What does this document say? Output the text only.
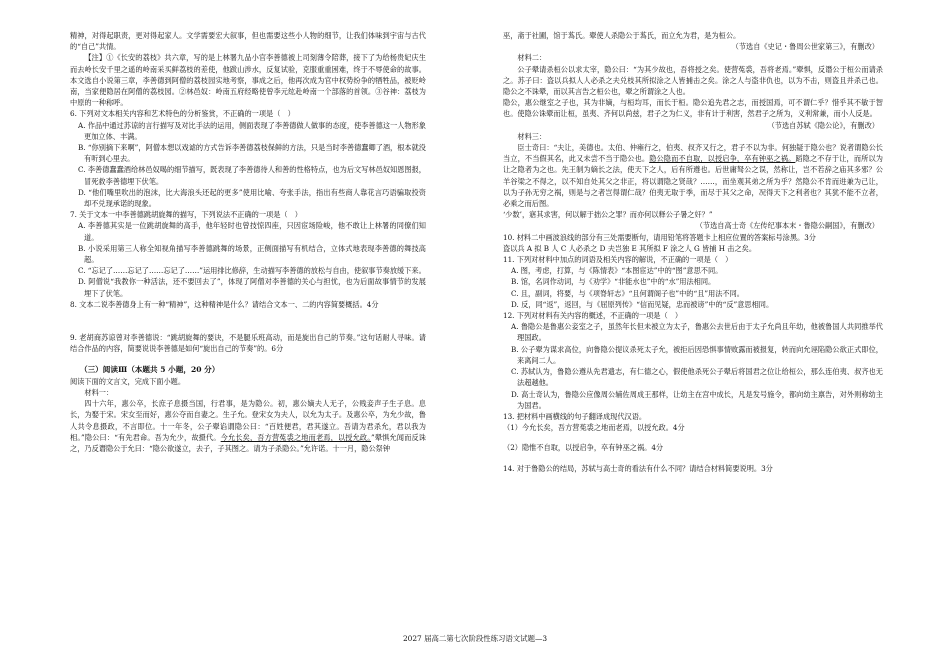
精神，对得起职责，更对得起家人。文学需要宏大叙事，但也需要这些小人物的细节，让我们体味到宇宙与古代的“自己”共情。

【注】①《长安的荔枝》共六章，写的是上林署九品小官李善德被上司刻薄令陪葬，接下了为给杨贵妃庆生而去岭长安千里之遥的岭南采买鲜荔枝的差使，他跋山涉水，反复试验，克服重重困难，终于不辱使命的故事。本文选自小说第三章，李善德到阿僧的荔枝园实地考察，事成之后，他再次成为官中权势纷争的牺牲品，被贬岭南，当家便隐居在阿僧的荔枝园。②林邑奴：岭南五府经略使曾李元纮赴岭南一个部落的首领。③谷神：荔枝为中原的一种称呼。

6. 下列对文本相关内容和艺术特色的分析鉴赏，不正确的一项是（　）

A. 作品中通过苏谅的言行描写及对比手法的运用，侧面表现了李善德做人做事的态度，使李善德这一人物形象更加立体、丰满。

B. “你别摘下来啊”，阿僧本想以戏谑的方式告诉李善德荔枝保鲜的方法，只是当时李善德蠢卿了酒，根本就没有听到心里去。

C. 李善德蠢蠢酒给林邑奴喝的细节描写，既表现了李善德待人和善的性格特点，也为后文写林邑奴知恩图报，冒死救李善德埋下伏笔。

D. “他们嘴里吹出的泡沫，比大海浪头还起的更多”使用比喻、夸张手法，指出有些商人靠花言巧语骗取投资却不兑现承诺的现象。

7. 关于文本一中李善德跳胡旋舞的描写，下列说法不正确的一项是（　）

A. 李善德其实是一位跳胡旋舞的高手，他年轻时也曾技惊四座，只因宦场险峻，他不敢让上林署的同僚们知道。

B. 小说采用第三人称全知视角描写李善德跳舞的场景，正侧面描写有机结合，立体式地表现李善德的舞技高超。

C. “忘记了……忘记了……忘记了……”运用排比修辞，生动描写李善德的放松与自由，使叙事节奏放缓下来。

D. 阿僧说“我教你一种活法，还不要回去了”，体现了阿僧对李善德的关心与担忧，也为后面故事情节的发展埋下了伏笔。

8. 文本二说李善德身上有一种“精神”，这种精神是什么？请结合文本一、二的内容简要概括。4分

9. 老胡商苏谅曾对李善德说：“跳胡旋舞的要诀，不是腿乐班高动，而是旋出自己的节奏。”这句话耐人寻味。请结合作品的内容，简要说说李善德是如何“旋出自己的节奏”的。6分

（三）阅读Ⅲ（本题共 5 小题，20 分）

阅读下面的文言文，完成下面小题。

材料一：

四十六年，惠公卒，长庶子息摄当国，行君事，是为隐公。初，惠公嫡夫人无子，公贱妾声子生子息。息长，为娶于宋。宋女至而好，惠公夺而自妻之。生子允。登宋女为夫人，以允为太子。及惠公卒，为允少故，鲁人共令息摄政，不言即位。十一年冬，公子翚谄谓隐公曰：“百姓便君，君其遂立。吾请为君杀允，君以我为相。”隐公曰：“有先君命。吾为允少，故摄代。今允长矣，吾方营菟裘之地而老焉，以授允政。”翚惧允闻而反诛之，乃反谮隐公于允曰：“隐公欲遂立，去子，子其图之。请为子杀隐公。”允许诺。十一月，隐公祭钟

巫，斋于社圃，馆于蒍氏。翚使人杀隐公于蒍氏，而立允为君，是为桓公。

（节选自《史记・鲁周公世家第三》，有删改）

材料二：

公子翚请杀桓公以求太宰，隐公曰：“为其少故也，吾将授之矣。使营菟裘，吾将老焉。”翚惧，反谮公于桓公而请杀之。苏子曰：盗以兵拟人人必杀之夫兑枝其所拟涂之人皆捕击之矣。涂之人与盗非仇也，以为不击，则盗且并杀己也。隐公之不诛翚，而以其言告之桓公也，翚之所谓涂之人也。

隐公，惠公继室之子也，其为非嫡，与桓均耳，而长于桓。隐公追先君之志，而授国焉，可不谓仁乎？惜乎其不敏于智也。使隐公诛翚而让桓，虽夷、齐何以尚兹，君子之为仁义，非有计于利害，然君子之所为，义利常兼，而小人反是。

（节选自苏轼《隐公论》，有删改）

材料三：

臣士奇曰：“夫让，美德也。太伯、仲雍行之，伯夷、叔齐又行之，君子不以为非。何独疑于隐公也？说者谓隐公长当立，不当假其名，此又未尝不当于隐公也。隐公隐而不自取，以授启争，卒有钟巫之祸。蹈隐之不存于让，而所以为让之隐者为之也。先王制为嫡长之法，使天下之人，后有所遵也。后世庸驽公之误，然称让，岂不若辞之庙其多邪？公羊谷梁之不得之，以不知自处其父之非正，将以谓隐之贤哉？……，而坐观其弟之所为乎？然隐公不肯而进兼为己让，以为子孙无穷之祸，则是与之者岂得谓仁哉？伯夷无取于季，而尽于其父之命，况得天下之利者也？其犹不能不立者，必乘之而后图。

‘少数’，寤其求害，何以解于拙公之罪？而亦何以释公子暑之奸？”

（节选自高士奇《左传纪事本末・鲁隐公嗣国》，有删改）

10. 材料二中画波浪线的部分有三处需要断句，请用铅笔将答题卡上相应位置的答案标号涂黑。3分

盗以兵 A 拟 B 人 C 人必杀之 D 夫岂独 E 其所拟 F 涂之人 G 皆捕 H 击之矣。

11. 下列对材料中加点的词语及相关内容的解说，不正确的一项是（　）

A. 图，考虑，打算，与《陈情表》“本图宦达”中的“图”意思不同。

B. 馆，名词作动词，与《劝学》“非能水也”中的“水”用法相同。

C. 且，副词，将要，与《项脊轩志》“且何谓阁子也”中的“且”用法不同。

D. 反，同“返”，返回，与《屈原列传》“信而见疑，忠而被谤”中的“反”意思相同。

12. 下列对材料有关内容的概述，不正确的一项是（　）

A. 鲁隐公是鲁惠公妾室之子，虽然年长但未被立为太子，鲁惠公去世后由于太子允尚且年幼，他被鲁国人共同推举代理国政。

B. 公子翚为谋求高位，向鲁隐公提议杀死太子允，被拒后因恐惧事情败露而被报复，转而向允诬陷隐公欲正式即位，来离间二人。

C. 苏轼认为，鲁隐公遵从先君遗志，有仁德之心，假使他杀死公子翚后将国君之位让给桓公，那么连伯夷、叔齐也无法超越他。

D. 高士奇认为，鲁隐公应像周公辅佐周成王那样，让幼主在宫中成长，凡是发号施令，都向幼主禀告，对外则称幼主为国君。

13. 把材料中画横线的句子翻译成现代汉语。

（1）今允长矣，吾方营菟裘之地而老焉，以授允政。4分

（2）隐惟不自取，以授启争，卒有钟巫之祸。4分

14. 对于鲁隐公的结局，苏轼与高士奇的看法有什么不同？请结合材料简要说明。3分

2027 届高二第七次阶段性练习语文试题—3
